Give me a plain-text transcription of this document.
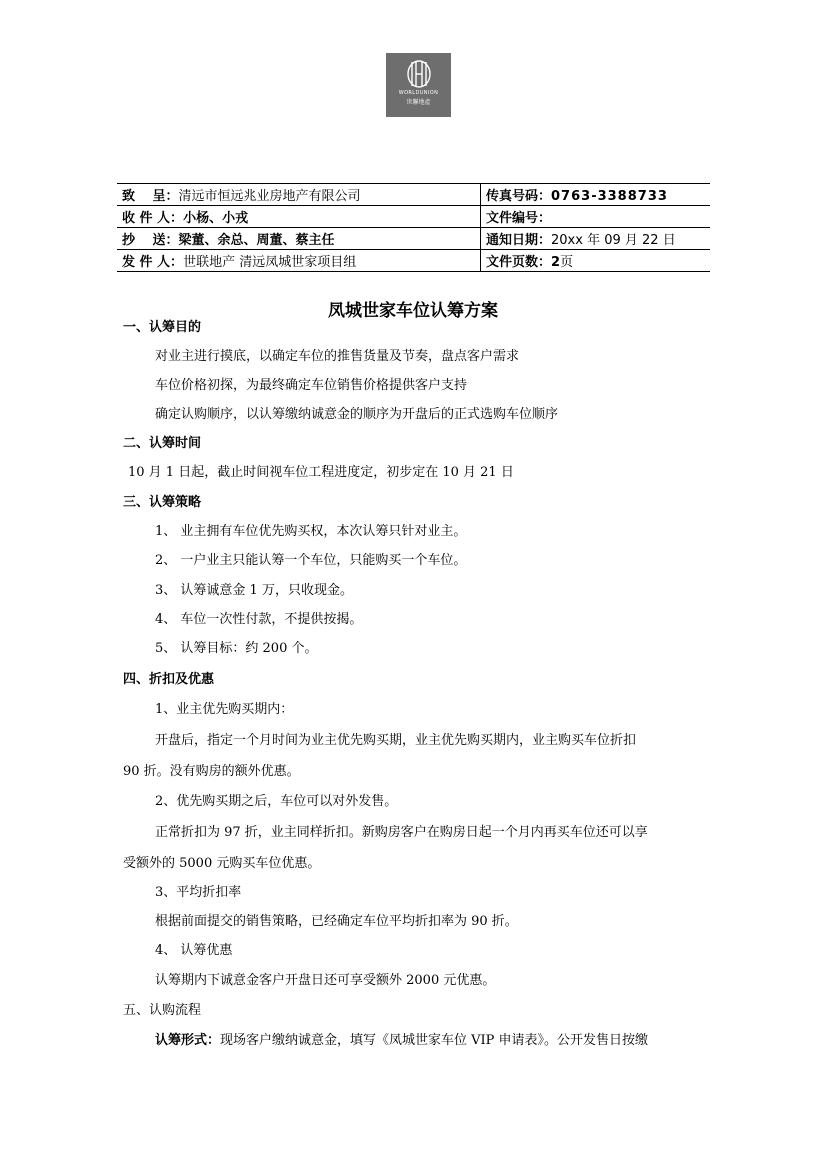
WORLDUNION
世聯地產
致　 呈：清远市恒远兆业房地产有限公司	传真号码：0763-3388733
收 件 人：小杨、小戎	文件编号：
抄　 送：梁董、余总、周董、蔡主任	通知日期：20xx 年 09 月 22 日
发 件 人：世联地产 清远凤城世家项目组	文件页数：2页
凤城世家车位认筹方案
一、认筹目的
对业主进行摸底，以确定车位的推售货量及节奏，盘点客户需求
车位价格初探，为最终确定车位销售价格提供客户支持
确定认购顺序，以认筹缴纳诚意金的顺序为开盘后的正式选购车位顺序
二、认筹时间
10 月 1 日起，截止时间视车位工程进度定，初步定在 10 月 21 日
三、认筹策略
1、 业主拥有车位优先购买权，本次认筹只针对业主。
2、 一户业主只能认筹一个车位，只能购买一个车位。
3、 认筹诚意金 1 万，只收现金。
4、 车位一次性付款，不提供按揭。
5、 认筹目标：约 200 个。
四、折扣及优惠
1、业主优先购买期内：
开盘后，指定一个月时间为业主优先购买期，业主优先购买期内，业主购买车位折扣
90 折。没有购房的额外优惠。
2、优先购买期之后，车位可以对外发售。
正常折扣为 97 折，业主同样折扣。新购房客户在购房日起一个月内再买车位还可以享
受额外的 5000 元购买车位优惠。
3、平均折扣率
根据前面提交的销售策略，已经确定车位平均折扣率为 90 折。
4、 认筹优惠
认筹期内下诚意金客户开盘日还可享受额外 2000 元优惠。
五、认购流程
认筹形式：现场客户缴纳诚意金，填写《凤城世家车位 VIP 申请表》。公开发售日按缴
